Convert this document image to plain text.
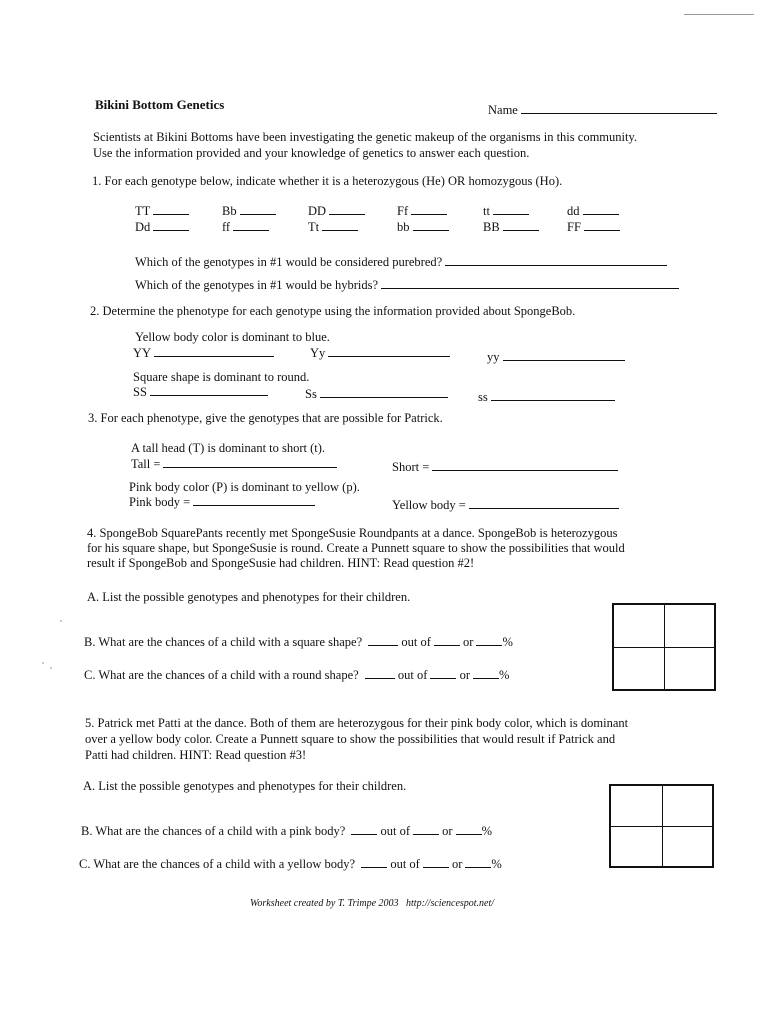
Bikini Bottom Genetics	Name
Scientists at Bikini Bottoms have been investigating the genetic makeup of the organisms in this community.
Use the information provided and your knowledge of genetics to answer each question.
1. For each genotype below, indicate whether it is a heterozygous (He) OR homozygous (Ho).
TT	Bb	DD	Ff	tt	dd
Dd	ff	Tt	bb	BB	FF
Which of the genotypes in #1 would be considered purebred?
Which of the genotypes in #1 would be hybrids?
2. Determine the phenotype for each genotype using the information provided about SpongeBob.
Yellow body color is dominant to blue.
YY	Yy	yy
Square shape is dominant to round.
SS	Ss	ss
3. For each phenotype, give the genotypes that are possible for Patrick.
A tall head (T) is dominant to short (t).
Tall =	Short =
Pink body color (P) is dominant to yellow (p).
Pink body =	Yellow body =
4. SpongeBob SquarePants recently met SpongeSusie Roundpants at a dance. SpongeBob is heterozygous
for his square shape, but SpongeSusie is round. Create a Punnett square to show the possibilities that would
result if SpongeBob and SpongeSusie had children. HINT: Read question #2!
A. List the possible genotypes and phenotypes for their children.
B. What are the chances of a child with a square shape?	out of	or %
C. What are the chances of a child with a round shape?	out of	or %
5. Patrick met Patti at the dance. Both of them are heterozygous for their pink body color, which is dominant
over a yellow body color. Create a Punnett square to show the possibilities that would result if Patrick and
Patti had children. HINT: Read question #3!
A. List the possible genotypes and phenotypes for their children.
B. What are the chances of a child with a pink body?	out of	or %
C. What are the chances of a child with a yellow body?	out of	or %
Worksheet created by T. Trimpe 2003 http://sciencespot.net/
